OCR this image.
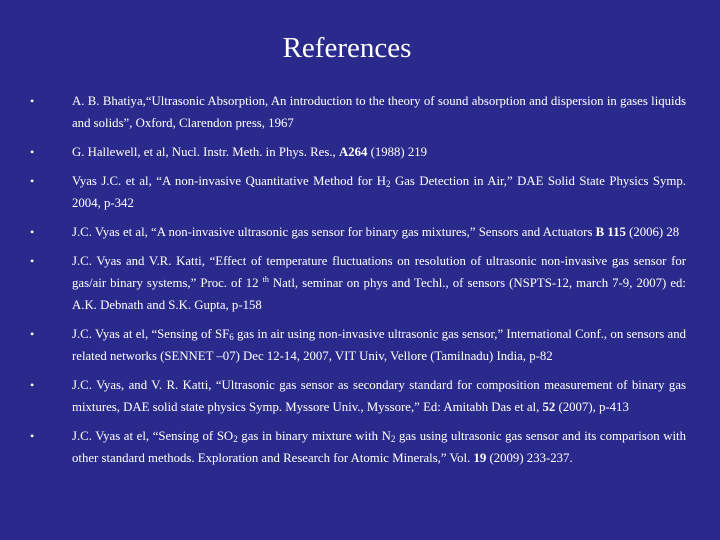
References
•	A. B. Bhatiya,“Ultrasonic Absorption, An introduction to the theory of sound absorption and dispersion in gases liquids and solids”, Oxford, Clarendon press, 1967
•	G. Hallewell, et al, Nucl. Instr. Meth. in Phys. Res., A264 (1988) 219
•	Vyas J.C. et al, “A non-invasive Quantitative Method for $H_2$ Gas Detection in Air,” DAE Solid State Physics Symp. 2004, p-342
•	J.C. Vyas et al, “A non-invasive ultrasonic gas sensor for binary gas mixtures,” Sensors and Actuators B 115 (2006) 28
•	J.C. Vyas and V.R. Katti, “Effect of temperature fluctuations on resolution of ultrasonic non-invasive gas sensor for gas/air binary systems,” Proc. of 12 $^{th}$ Natl, seminar on phys and Techl., of sensors (NSPTS-12, march 7-9, 2007) ed: A.K. Debnath and S.K. Gupta, p-158
•	J.C. Vyas at el, “Sensing of $SF_6$ gas in air using non-invasive ultrasonic gas sensor,” International Conf., on sensors and related networks (SENNET –07) Dec 12-14, 2007, VIT Univ, Vellore (Tamilnadu) India, p-82
•	J.C. Vyas, and V. R. Katti, “Ultrasonic gas sensor as secondary standard for composition measurement of binary gas mixtures, DAE solid state physics Symp. Myssore Univ., Myssore,” Ed: Amitabh Das et al, 52 (2007), p-413
•	J.C. Vyas at el, “Sensing of $SO_2$ gas in binary mixture with $N_2$ gas using ultrasonic gas sensor and its comparison with other standard methods. Exploration and Research for Atomic Minerals,” Vol. 19 (2009) 233-237.
